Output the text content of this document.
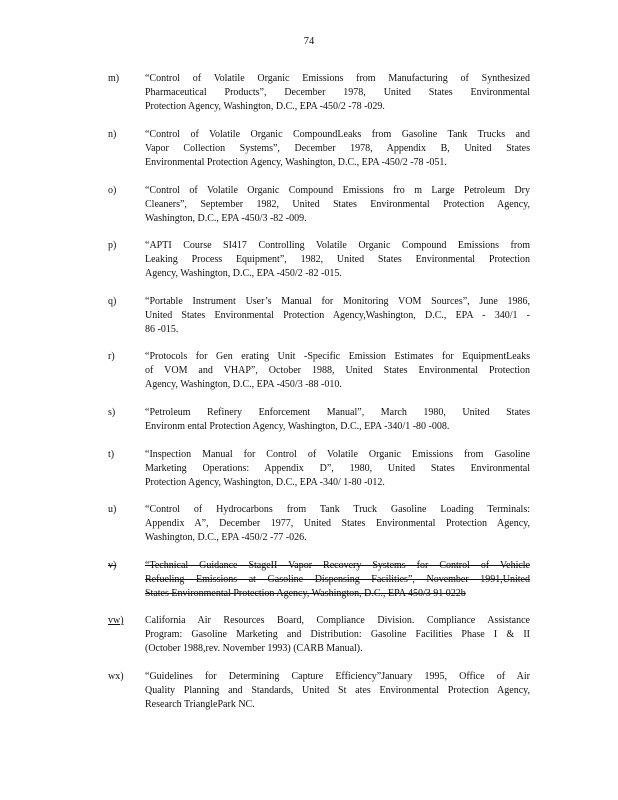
74
m)	“Control of Volatile Organic Emissions from Manufacturing of Synthesized
Pharmaceutical Products”, December 1978, United States Environmental
Protection Agency, Washington, D.C., EPA -450/2 -78 -029.
n)	“Control of Volatile Organic CompoundLeaks from Gasoline Tank Trucks and
Vapor Collection Systems”, December 1978, Appendix B, United States
Environmental Protection Agency, Washington, D.C., EPA -450/2 -78 -051.
o)	“Control of Volatile Organic Compound Emissions fro m Large Petroleum Dry
Cleaners”, September 1982, United States Environmental Protection Agency,
Washington, D.C., EPA -450/3 -82 -009.
p)	“APTI Course SI417 Controlling Volatile Organic Compound Emissions from
Leaking Process Equipment”, 1982, United States Environmental Protection
Agency, Washington, D.C., EPA -450/2 -82 -015.
q)	“Portable Instrument User’s Manual for Monitoring VOM Sources”, June 1986,
United States Environmental Protection Agency,Washington, D.C., EPA - 340/1 -
86 -015.
r)	“Protocols for Gen erating Unit -Specific Emission Estimates for EquipmentLeaks
of VOM and VHAP”, October 1988, United States Environmental Protection
Agency, Washington, D.C., EPA -450/3 -88 -010.
s)	“Petroleum Refinery Enforcement Manual”, March 1980, United States
Environm ental Protection Agency, Washington, D.C., EPA -340/1 -80 -008.
t)	“Inspection Manual for Control of Volatile Organic Emissions from Gasoline
Marketing Operations: Appendix D”, 1980, United States Environmental
Protection Agency, Washington, D.C., EPA -340/ 1-80 -012.
u)	“Control of Hydrocarbons from Tank Truck Gasoline Loading Terminals:
Appendix A”, December 1977, United States Environmental Protection Agency,
Washington, D.C., EPA -450/2 -77 -026.
v)	“Technical Guidance StageII Vapor Recovery Systems for Control of Vehicle
Refueling Emissions at Gasoline Dispensing Facilities”, November 1991,United
States Environmental Protection Agency, Washington, D.C., EPA 450/3 91 022b
vw) California Air Resources Board, Compliance Division. Compliance Assistance
Program: Gasoline Marketing and Distribution: Gasoline Facilities Phase I & II
(October 1988,rev. November 1993) (CARB Manual).
wx) “Guidelines for Determining Capture Efficiency”January 1995, Office of Air
Quality Planning and Standards, United St ates Environmental Protection Agency,
Research TrianglePark NC.
